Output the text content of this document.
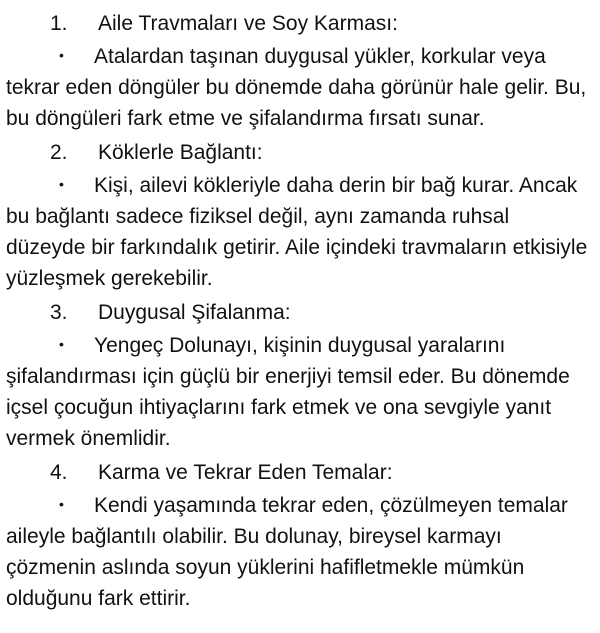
1.	Aile Travmaları ve Soy Karması:

• Atalardan taşınan duygusal yükler, korkular veya tekrar eden döngüler bu dönemde daha görünür hale gelir. Bu, bu döngüleri fark etme ve şifalandırma fırsatı sunar.

2.	Köklerle Bağlantı:

• Kişi, ailevi kökleriyle daha derin bir bağ kurar. Ancak bu bağlantı sadece fiziksel değil, aynı zamanda ruhsal düzeyde bir farkındalık getirir. Aile içindeki travmaların etkisiyle yüzleşmek gerekebilir.

3.	Duygusal Şifalanma:

• Yengeç Dolunayı, kişinin duygusal yaralarını şifalandırması için güçlü bir enerjiyi temsil eder. Bu dönemde içsel çocuğun ihtiyaçlarını fark etmek ve ona sevgiyle yanıt vermek önemlidir.

4.	Karma ve Tekrar Eden Temalar:

• Kendi yaşamında tekrar eden, çözülmeyen temalar aileyle bağlantılı olabilir. Bu dolunay, bireysel karmayı çözmenin aslında soyun yüklerini hafifletmekle mümkün olduğunu fark ettirir.
